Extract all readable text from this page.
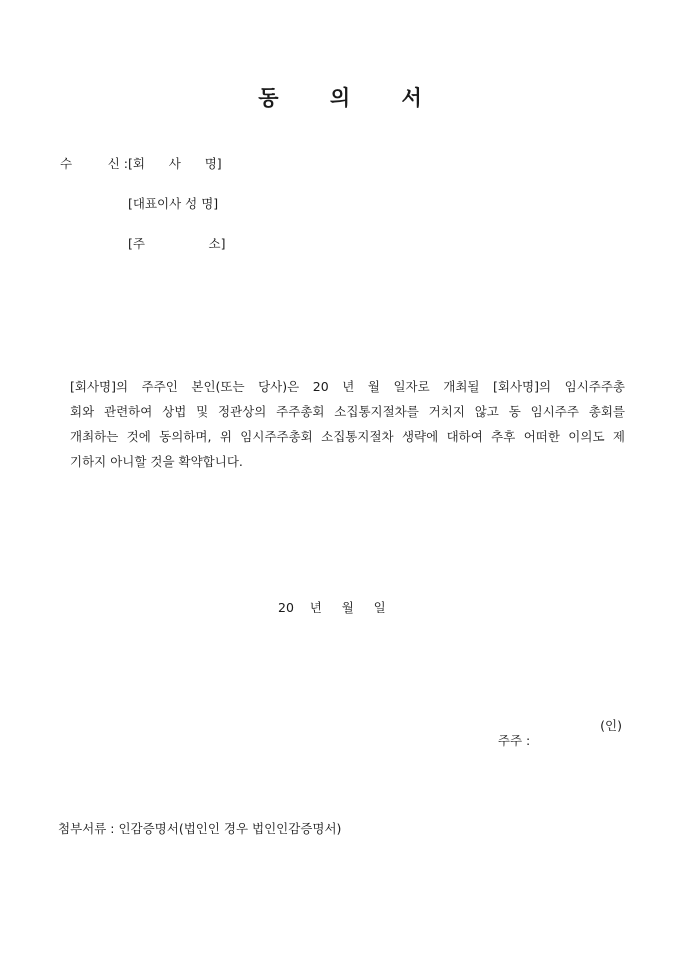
동 의 서
수	신 : [회      사      명]
[대표이사 성 명]
[주                소]
[회사명]의 주주인 본인(또는 당사)은 20 년 월 일자로 개최될 [회사명]의 임시주주총
회와 관련하여 상법 및 정관상의 주주총회 소집통지절차를 거치지 않고 동 임시주주 총회를
개최하는 것에 동의하며, 위 임시주주총회 소집통지절차 생략에 대하여 추후 어떠한 이의도 제
기하지 아니할 것을 확약합니다.
20    년     월     일

주주 :

(인)

첨부서류 : 인감증명서(법인인 경우 법인인감증명서)
